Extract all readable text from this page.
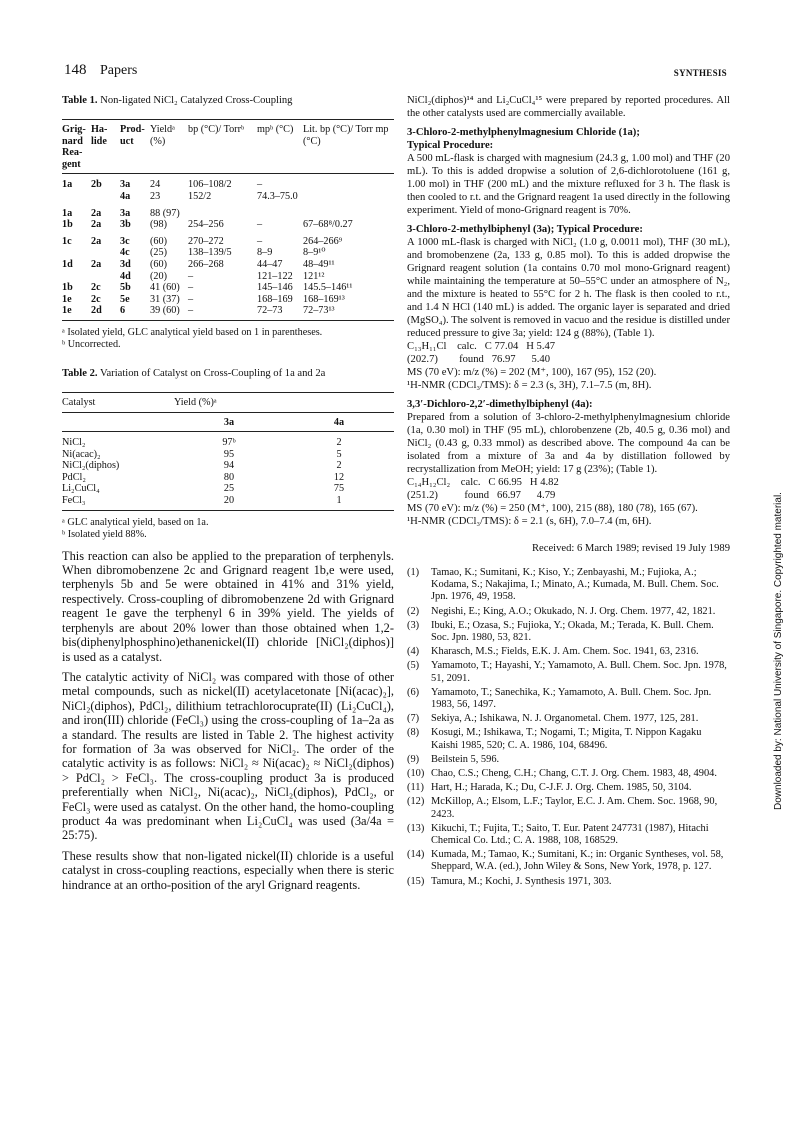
148 Papers	SYNTHESIS
Downloaded by: National University of Singapore. Copyrighted material.
Table 1. Non-ligated NiCl₂ Catalyzed Cross-Coupling
Grig-nard Rea-gent	Ha-lide	Prod-uct	Yieldᵃ (%)	bp (°C)/ Torrᵇ	mpᵇ (°C)	Lit. bp (°C)/ Torr mp (°C)
1a	2b	3a	24	106–108/2	–	
		4a	23	152/2	74.3–75.0	
1a	2a	3a	88 (97)			
1b	2a	3b	(98)	254–256	–	67–68⁸/0.27
1c	2a	3c	(60)	270–272	–	264–266⁹
		4c	(25)	138–139/5	8–9	8–9¹⁰
1d	2a	3d	(60)	266–268	44–47	48–49¹¹
		4d	(20)	–	121–122	121¹²
1b	2c	5b	41 (60)	–	145–146	145.5–146¹¹
1e	2c	5e	31 (37)	–	168–169	168–169¹³
1e	2d	6	39 (60)	–	72–73	72–73¹³
ᵃ Isolated yield, GLC analytical yield based on 1 in parentheses.
ᵇ Uncorrected.
Table 2. Variation of Catalyst on Cross-Coupling of 1a and 2a
Catalyst	Yield (%)ᵃ	
	3a	4a
NiCl₂	97ᵇ	2
Ni(acac)₂	95	5
NiCl₂(diphos)	94	2
PdCl₂	80	12
Li₂CuCl₄	25	75
FeCl₃	20	1
ᵃ GLC analytical yield, based on 1a.
ᵇ Isolated yield 88%.

This reaction can also be applied to the preparation of terphenyls. When dibromobenzene 2c and Grignard reagent 1b,e were used, terphenyls 5b and 5e were obtained in 41% and 31% yield, respectively. Cross-coupling of dibromobenzene 2d with Grignard reagent 1e gave the terphenyl 6 in 39% yield. The yields of terphenyls are about 20% lower than those obtained when 1,2-bis(diphenylphosphino)ethanenickel(II) chloride [NiCl₂(diphos)] is used as a catalyst.

The catalytic activity of NiCl₂ was compared with those of other metal compounds, such as nickel(II) acetylacetonate [Ni(acac)₂], NiCl₂(diphos), PdCl₂, dilithium tetrachlorocuprate(II) (Li₂CuCl₄), and iron(III) chloride (FeCl₃) using the cross-coupling of 1a–2a as a standard. The results are listed in Table 2. The highest activity for formation of 3a was observed for NiCl₂. The order of the catalytic activity is as follows: NiCl₂ ≈ Ni(acac)₂ ≈ NiCl₂(diphos) > PdCl₂ > FeCl₃. The cross-coupling product 3a is produced preferentially when NiCl₂, Ni(acac)₂, NiCl₂(diphos), PdCl₂, or FeCl₃ were used as catalyst. On the other hand, the homo-coupling product 4a was predominant when Li₂CuCl₄ was used (3a/4a = 25:75).

These results show that non-ligated nickel(II) chloride is a useful catalyst in cross-coupling reactions, especially when there is steric hindrance at an ortho-position of the aryl Grignard reagents.

NiCl₂(diphos)¹⁴ and Li₂CuCl₄¹⁵ were prepared by reported procedures. All the other catalysts used are commercially available.

3-Chloro-2-methylphenylmagnesium Chloride (1a);
Typical Procedure:

A 500 mL-flask is charged with magnesium (24.3 g, 1.00 mol) and THF (20 mL). To this is added dropwise a solution of 2,6-dichlorotoluene (161 g, 1.00 mol) in THF (200 mL) and the mixture refluxed for 3 h. The flask is then cooled to r.t. and the Grignard reagent 1a used directly in the following experiment. Yield of mono-Grignard reagent is 70%.

3-Chloro-2-methylbiphenyl (3a); Typical Procedure:

A 1000 mL-flask is charged with NiCl₂ (1.0 g, 0.0011 mol), THF (30 mL), and bromobenzene (2a, 133 g, 0.85 mol). To this is added dropwise the Grignard reagent solution (1a contains 0.70 mol mono-Grignard reagent) while maintaining the temperature at 50–55°C under an atmosphere of N₂, and the mixture is heated to 55°C for 2 h. The flask is then cooled to r.t., and 1.4 N HCl (140 mL) is added. The organic layer is separated and dried (MgSO₄). The solvent is removed in vacuo and the residue is distilled under reduced pressure to give 3a; yield: 124 g (88%), (Table 1).

C₁₃H₁₁Cl    calc.   C 77.04   H 5.47
(202.7)        found   76.97      5.40
MS (70 eV): m/z (%) = 202 (M⁺, 100), 167 (95), 152 (20).
¹H-NMR (CDCl₃/TMS): δ = 2.3 (s, 3H), 7.1–7.5 (m, 8H).
3,3′-Dichloro-2,2′-dimethylbiphenyl (4a):

Prepared from a solution of 3-chloro-2-methylphenylmagnesium chloride (1a, 0.30 mol) in THF (95 mL), chlorobenzene (2b, 40.5 g, 0.36 mol) and NiCl₂ (0.43 g, 0.33 mmol) as described above. The compound 4a can be isolated from a mixture of 3a and 4a by distillation followed by recrystallization from MeOH; yield: 17 g (23%); (Table 1).

C₁₄H₁₂Cl₂    calc.   C 66.95   H 4.82
(251.2)          found   66.97      4.79
MS (70 eV): m/z (%) = 250 (M⁺, 100), 215 (88), 180 (78), 165 (67).
¹H-NMR (CDCl₃/TMS): δ = 2.1 (s, 6H), 7.0–7.4 (m, 6H).
Received: 6 March 1989; revised 19 July 1989
(1)	Tamao, K.; Sumitani, K.; Kiso, Y.; Zenbayashi, M.; Fujioka, A.; Kodama, S.; Nakajima, I.; Minato, A.; Kumada, M. Bull. Chem. Soc. Jpn. 1976, 49, 1958.
(2)	Negishi, E.; King, A.O.; Okukado, N. J. Org. Chem. 1977, 42, 1821.
(3)	Ibuki, E.; Ozasa, S.; Fujioka, Y.; Okada, M.; Terada, K. Bull. Chem. Soc. Jpn. 1980, 53, 821.
(4)	Kharasch, M.S.; Fields, E.K. J. Am. Chem. Soc. 1941, 63, 2316.
(5)	Yamamoto, T.; Hayashi, Y.; Yamamoto, A. Bull. Chem. Soc. Jpn. 1978, 51, 2091.
(6)	Yamamoto, T.; Sanechika, K.; Yamamoto, A. Bull. Chem. Soc. Jpn. 1983, 56, 1497.
(7)	Sekiya, A.; Ishikawa, N. J. Organometal. Chem. 1977, 125, 281.
(8)	Kosugi, M.; Ishikawa, T.; Nogami, T.; Migita, T. Nippon Kagaku Kaishi 1985, 520; C. A. 1986, 104, 68496.
(9)	Beilstein 5, 596.
(10) Chao, C.S.; Cheng, C.H.; Chang, C.T. J. Org. Chem. 1983, 48, 4904.
(11) Hart, H.; Harada, K.; Du, C-J.F. J. Org. Chem. 1985, 50, 3104.
(12) McKillop, A.; Elsom, L.F.; Taylor, E.C. J. Am. Chem. Soc. 1968, 90, 2423.
(13) Kikuchi, T.; Fujita, T.; Saito, T. Eur. Patent 247731 (1987), Hitachi Chemical Co. Ltd.; C. A. 1988, 108, 168529.
(14) Kumada, M.; Tamao, K.; Sumitani, K.; in: Organic Syntheses, vol. 58, Sheppard, W.A. (ed.), John Wiley & Sons, New York, 1978, p. 127.
(15) Tamura, M.; Kochi, J. Synthesis 1971, 303.
